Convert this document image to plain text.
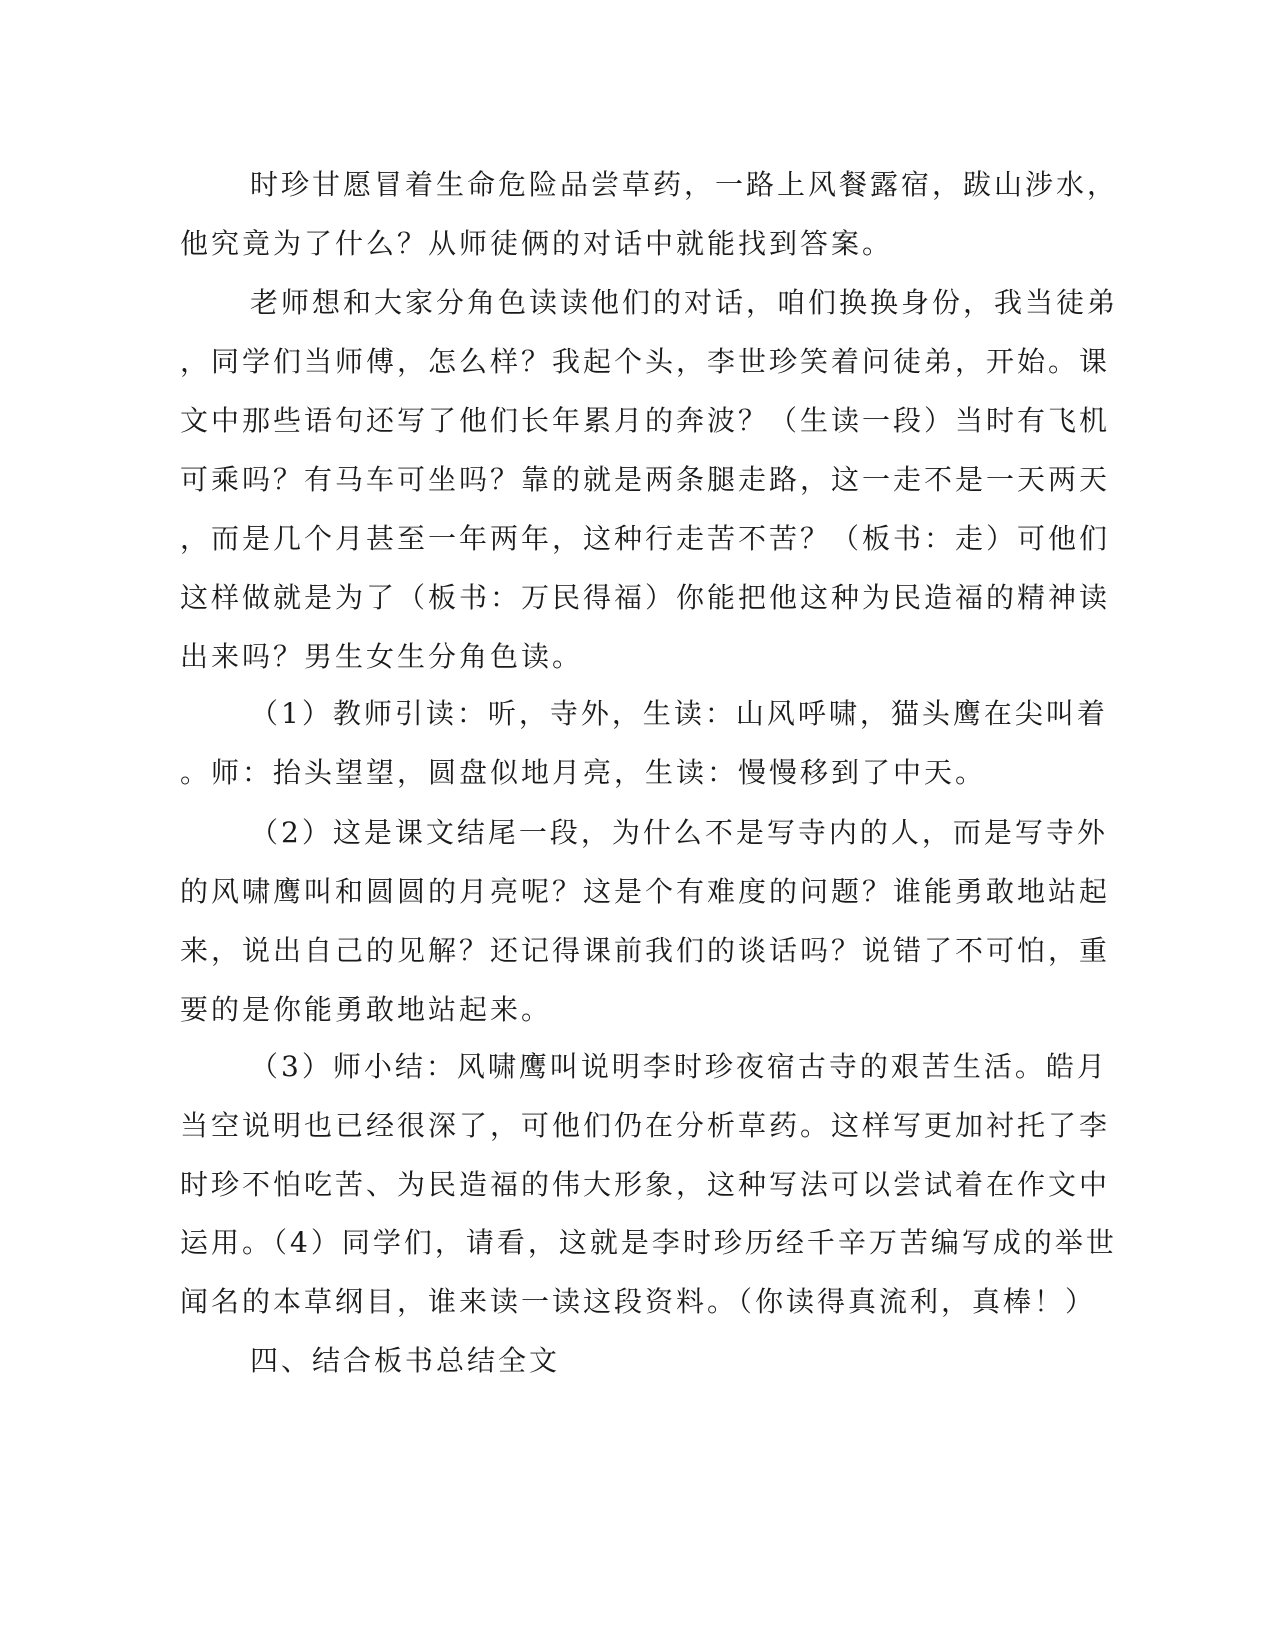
时珍甘愿冒着生命危险品尝草药，一路上风餐露宿，跋山涉水，
他究竟为了什么？从师徒俩的对话中就能找到答案。
老师想和大家分角色读读他们的对话，咱们换换身份，我当徒弟
，同学们当师傅，怎么样？我起个头，李世珍笑着问徒弟，开始。课
文中那些语句还写了他们长年累月的奔波？（生读一段）当时有飞机
可乘吗？有马车可坐吗？靠的就是两条腿走路，这一走不是一天两天
，而是几个月甚至一年两年，这种行走苦不苦？（板书：走）可他们
这样做就是为了（板书：万民得福）你能把他这种为民造福的精神读
出来吗？男生女生分角色读。
（1）教师引读：听，寺外，生读：山风呼啸，猫头鹰在尖叫着
。师：抬头望望，圆盘似地月亮，生读：慢慢移到了中天。
（2）这是课文结尾一段，为什么不是写寺内的人，而是写寺外
的风啸鹰叫和圆圆的月亮呢？这是个有难度的问题？谁能勇敢地站起
来，说出自己的见解？还记得课前我们的谈话吗？说错了不可怕，重
要的是你能勇敢地站起来。
（3）师小结：风啸鹰叫说明李时珍夜宿古寺的艰苦生活。皓月
当空说明也已经很深了，可他们仍在分析草药。这样写更加衬托了李
时珍不怕吃苦、为民造福的伟大形象，这种写法可以尝试着在作文中
运用。（4）同学们，请看，这就是李时珍历经千辛万苦编写成的举世
闻名的本草纲目，谁来读一读这段资料。（你读得真流利，真棒！）
四、结合板书总结全文
